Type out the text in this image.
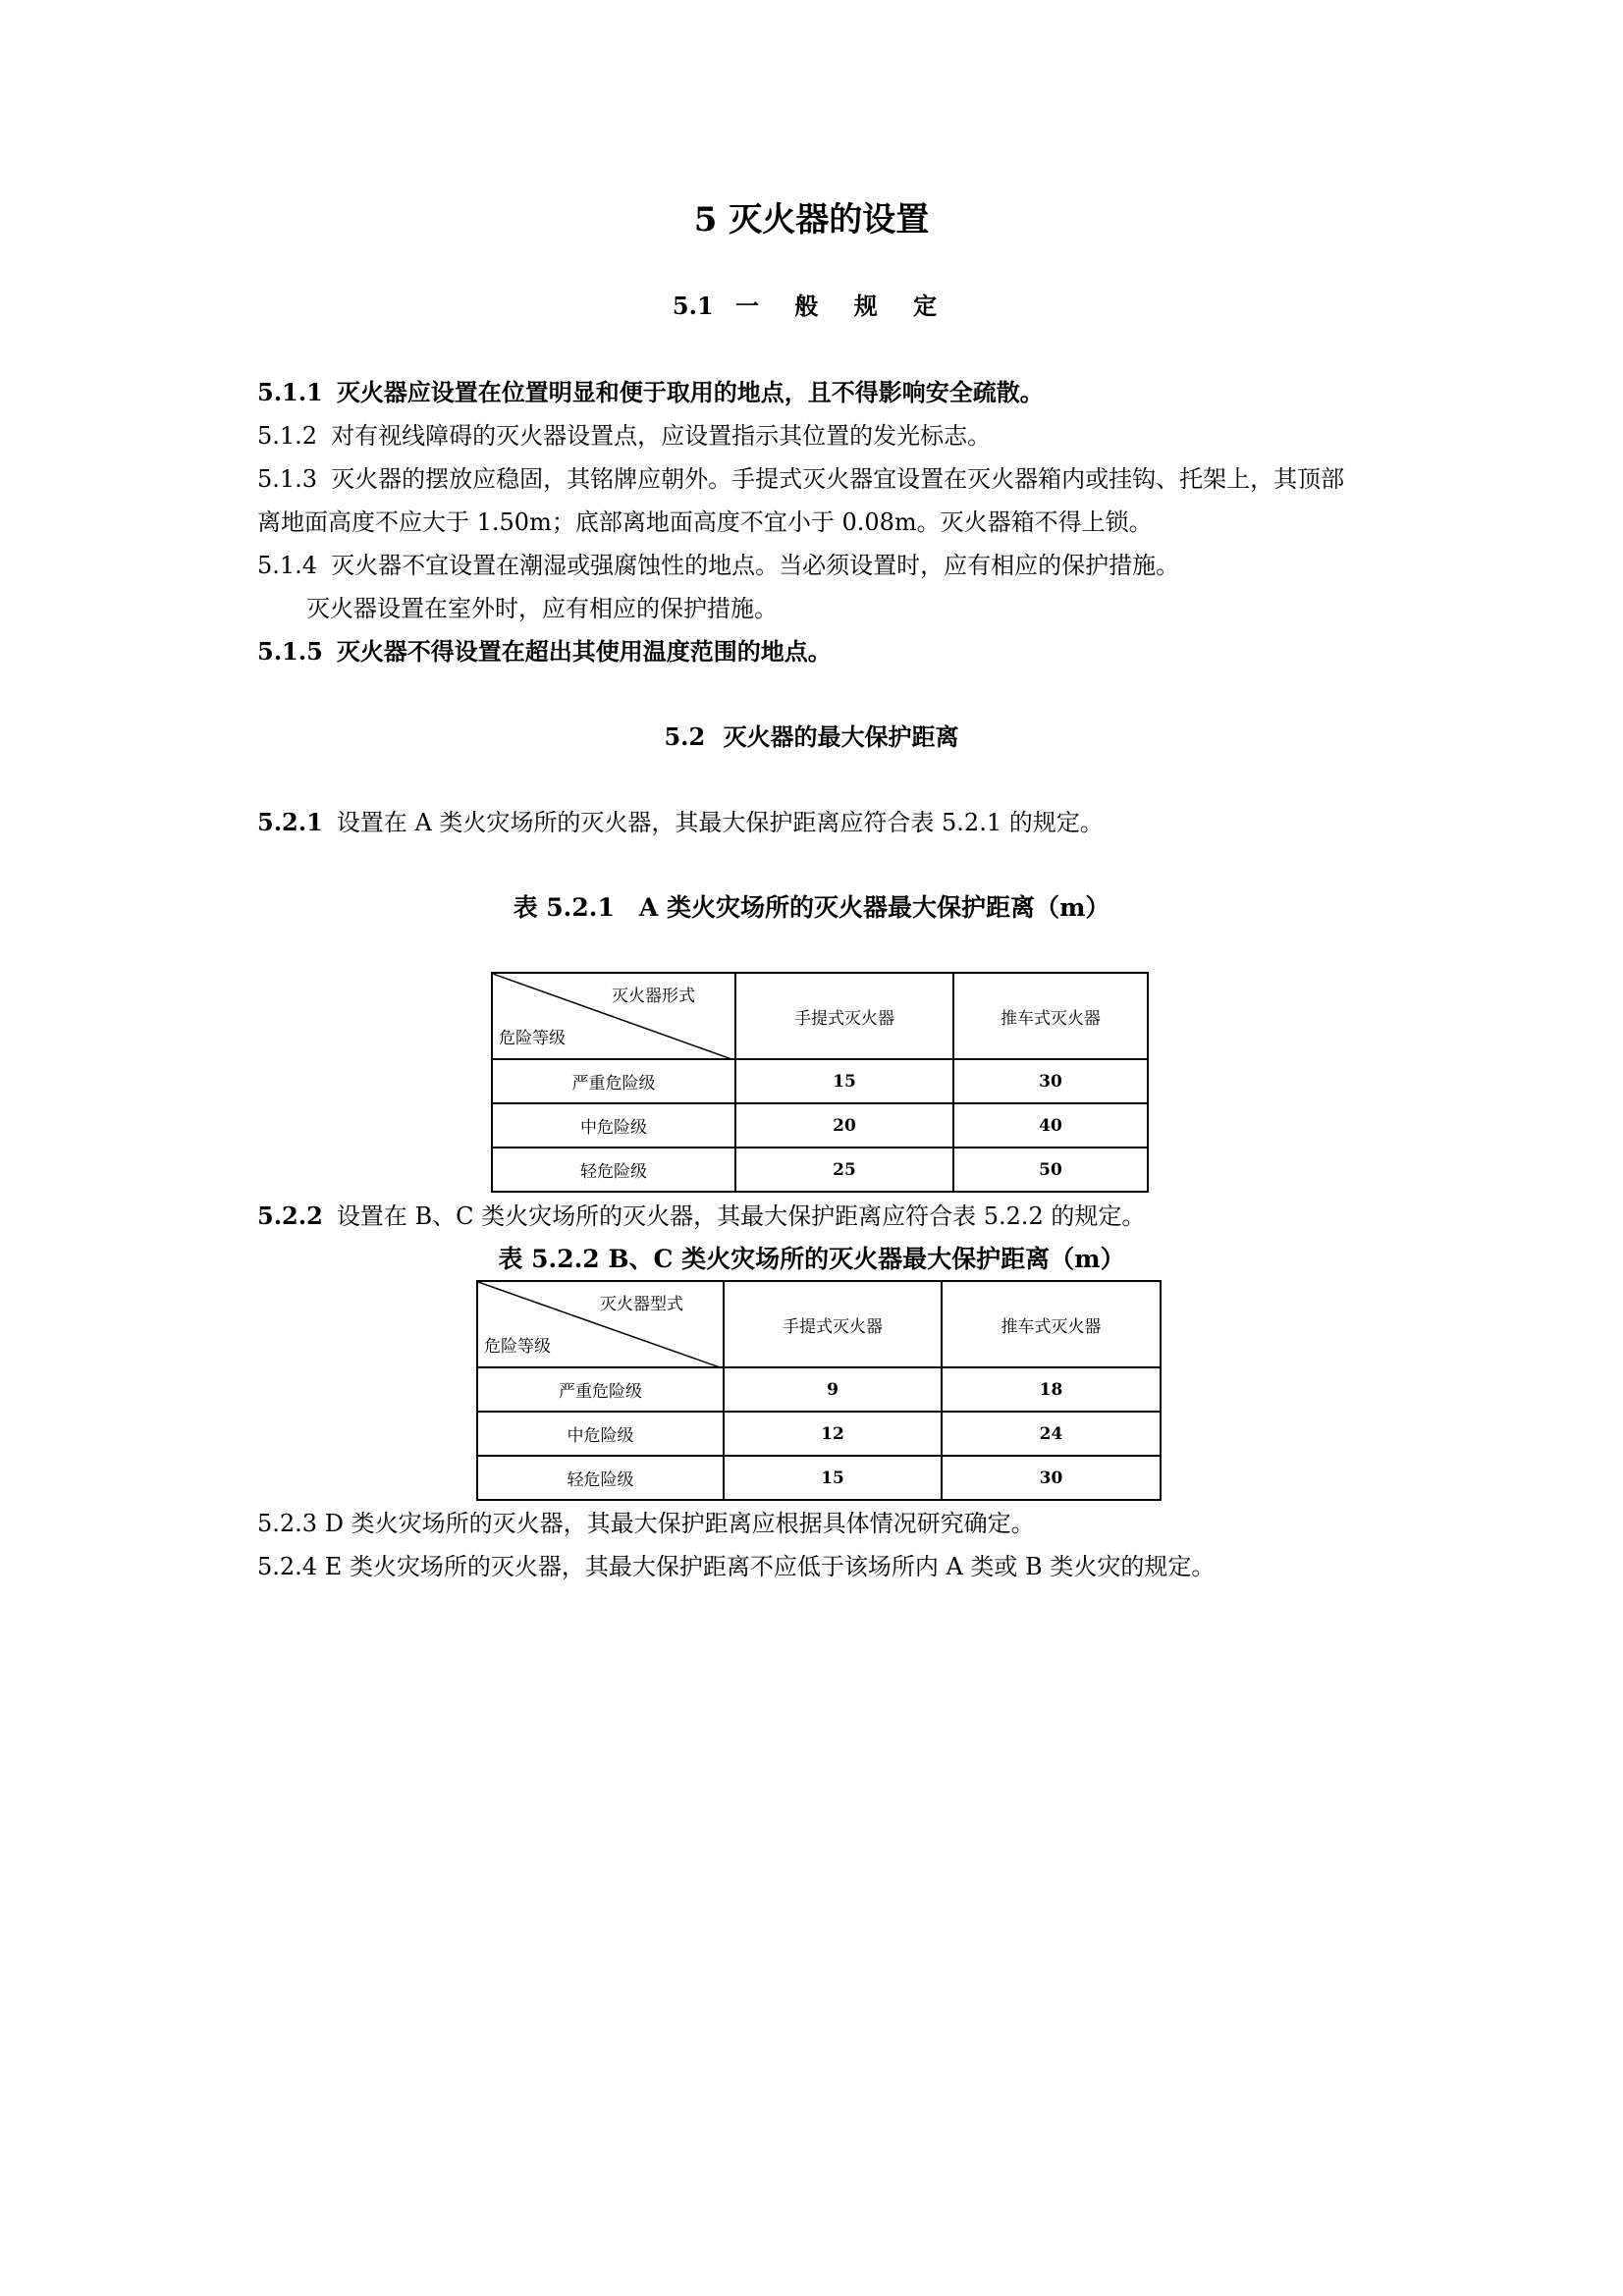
5 灭火器的设置
5.1 一 般 规 定
5.1.1 灭火器应设置在位置明显和便于取用的地点，且不得影响安全疏散。
5.1.2 对有视线障碍的灭火器设置点，应设置指示其位置的发光标志。
5.1.3 灭火器的摆放应稳固，其铭牌应朝外。手提式灭火器宜设置在灭火器箱内或挂钩、托架上，其顶部
离地面高度不应大于 1.50m；底部离地面高度不宜小于 0.08m。灭火器箱不得上锁。
5.1.4 灭火器不宜设置在潮湿或强腐蚀性的地点。当必须设置时，应有相应的保护措施。
灭火器设置在室外时，应有相应的保护措施。
5.1.5 灭火器不得设置在超出其使用温度范围的地点。
5.2 灭火器的最大保护距离
5.2.1 设置在 A 类火灾场所的灭火器，其最大保护距离应符合表 5.2.1 的规定。
表 5.2.1　A 类火灾场所的灭火器最大保护距离（m）
灭火器形式
危险等级	手提式灭火器	推车式灭火器
严重危险级	15	30
中危险级	20	40
轻危险级	25	50
5.2.2 设置在 B、C 类火灾场所的灭火器，其最大保护距离应符合表 5.2.2 的规定。
表 5.2.2 B、C 类火灾场所的灭火器最大保护距离（m）
灭火器型式
危险等级	手提式灭火器	推车式灭火器
严重危险级	9	18
中危险级	12	24
轻危险级	15	30
5.2.3 D 类火灾场所的灭火器，其最大保护距离应根据具体情况研究确定。
5.2.4 E 类火灾场所的灭火器，其最大保护距离不应低于该场所内 A 类或 B 类火灾的规定。
